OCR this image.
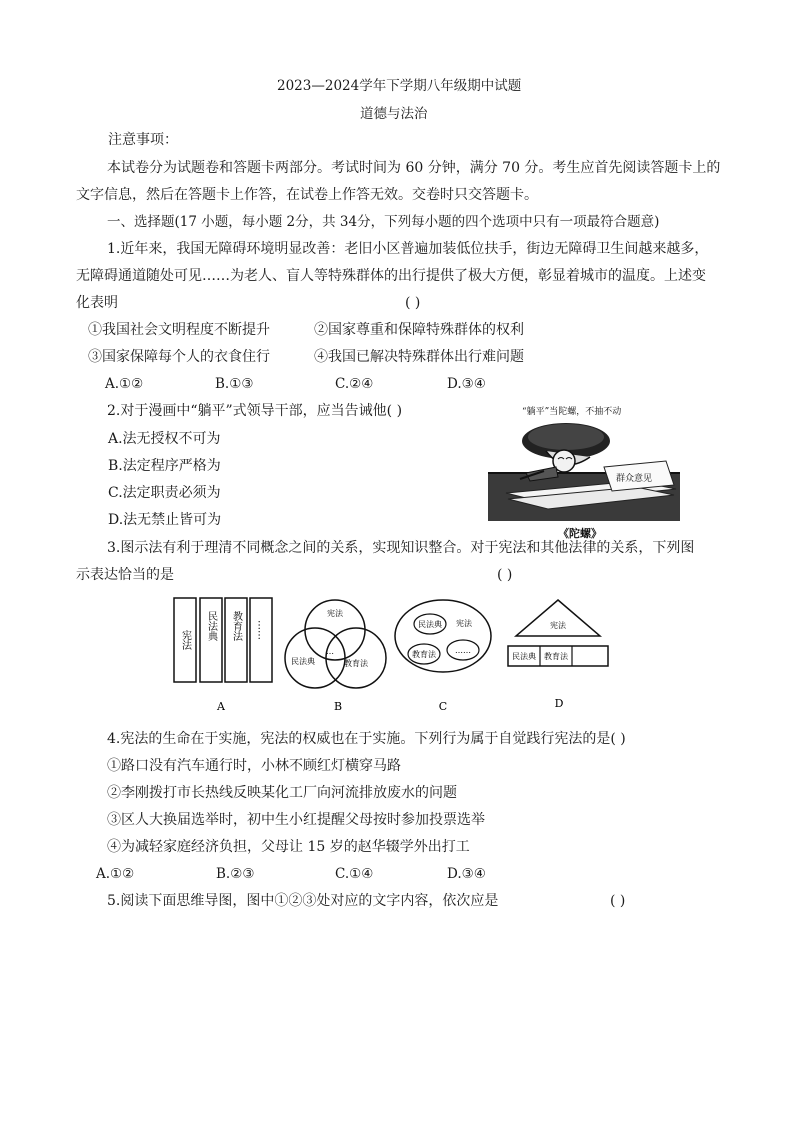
2023—2024学年下学期八年级期中试题
道德与法治
注意事项：
本试卷分为试题卷和答题卡两部分。考试时间为 60 分钟，满分 70 分。考生应首先阅读答题卡上的
文字信息，然后在答题卡上作答，在试卷上作答无效。交卷时只交答题卡。
一、选择题(17 小题，每小题 2分，共 34分，下列每小题的四个选项中只有一项最符合题意)
1.近年来，我国无障碍环境明显改善：老旧小区普遍加装低位扶手，街边无障碍卫生间越来越多，
无障碍通道随处可见……为老人、盲人等特殊群体的出行提供了极大方便，彰显着城市的温度。上述变
化表明	( )
①我国社会文明程度不断提升	②国家尊重和保障特殊群体的权利
③国家保障每个人的衣食住行	④我国已解决特殊群体出行难问题
A.①②	B.①③	C.②④	D.③④
2.对于漫画中“躺平”式领导干部，应当告诫他( )
A.法无授权不可为
B.法定程序严格为
C.法定职责必须为
D.法无禁止皆可为
“躺平”当陀螺，不抽不动
群众意见
《陀螺》
3.图示法有利于理清不同概念之间的关系，实现知识整合。对于宪法和其他法律的关系，下列图
示表达恰当的是	( )
宪法 民法典 教育法 ……
宪法
民法典	教育法
…
民法典 宪法
教育法 ……
宪法
民法典 教育法
A	B	C	D
4.宪法的生命在于实施，宪法的权威也在于实施。下列行为属于自觉践行宪法的是( )
①路口没有汽车通行时，小林不顾红灯横穿马路
②李刚拨打市长热线反映某化工厂向河流排放废水的问题
③区人大换届选举时，初中生小红提醒父母按时参加投票选举
④为减轻家庭经济负担，父母让 15 岁的赵华辍学外出打工
A.①②	B.②③	C.①④	D.③④
5.阅读下面思维导图，图中①②③处对应的文字内容，依次应是	( )
